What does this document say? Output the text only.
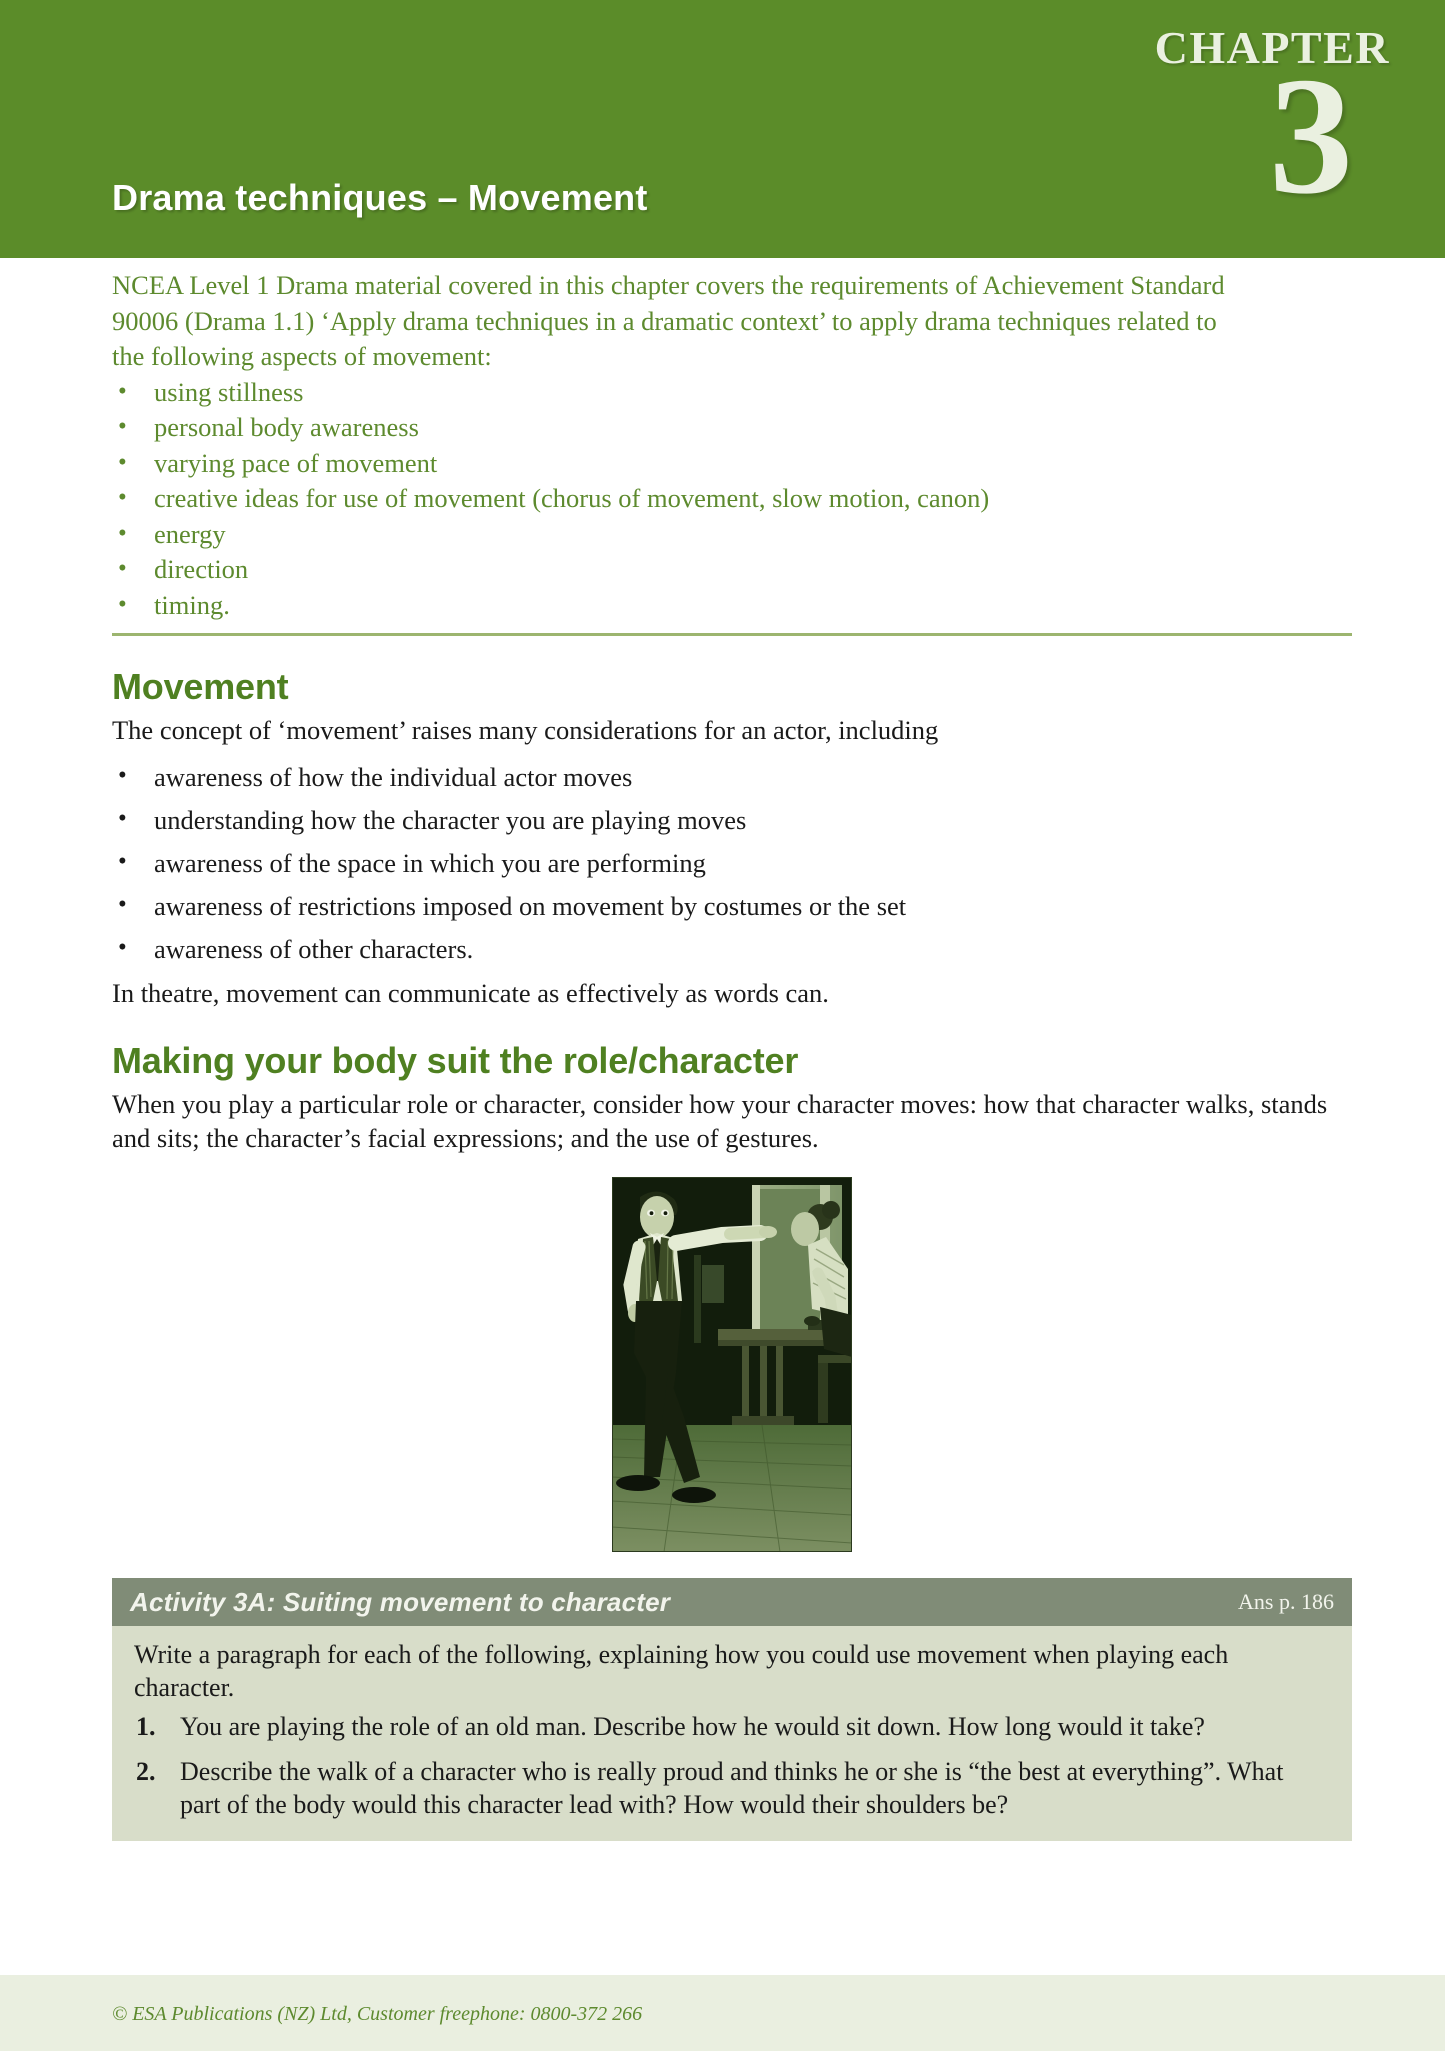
CHAPTER
3
Drama techniques – Movement

NCEA Level 1 Drama material covered in this chapter covers the requirements of Achievement Standard 90006 (Drama 1.1) ‘Apply drama techniques in a dramatic context’ to apply drama techniques related to the following aspects of movement:

• using stillness
• personal body awareness
• varying pace of movement
• creative ideas for use of movement (chorus of movement, slow motion, canon)
• energy
• direction
• timing.
Movement

The concept of ‘movement’ raises many considerations for an actor, including

• awareness of how the individual actor moves
• understanding how the character you are playing moves
• awareness of the space in which you are performing
• awareness of restrictions imposed on movement by costumes or the set
• awareness of other characters.

In theatre, movement can communicate as effectively as words can.

Making your body suit the role/character

When you play a particular role or character, consider how your character moves: how that character walks, stands and sits; the character’s facial expressions; and the use of gestures.

Activity 3A: Suiting movement to character	Ans p. 186

Write a paragraph for each of the following, explaining how you could use movement when playing each character.

You are playing the role of an old man. Describe how he would sit down. How long would it take?
Describe the walk of a character who is really proud and thinks he or she is “the best at everything”. What part of the body would this character lead with? How would their shoulders be?
© ESA Publications (NZ) Ltd, Customer freephone: 0800-372 266
